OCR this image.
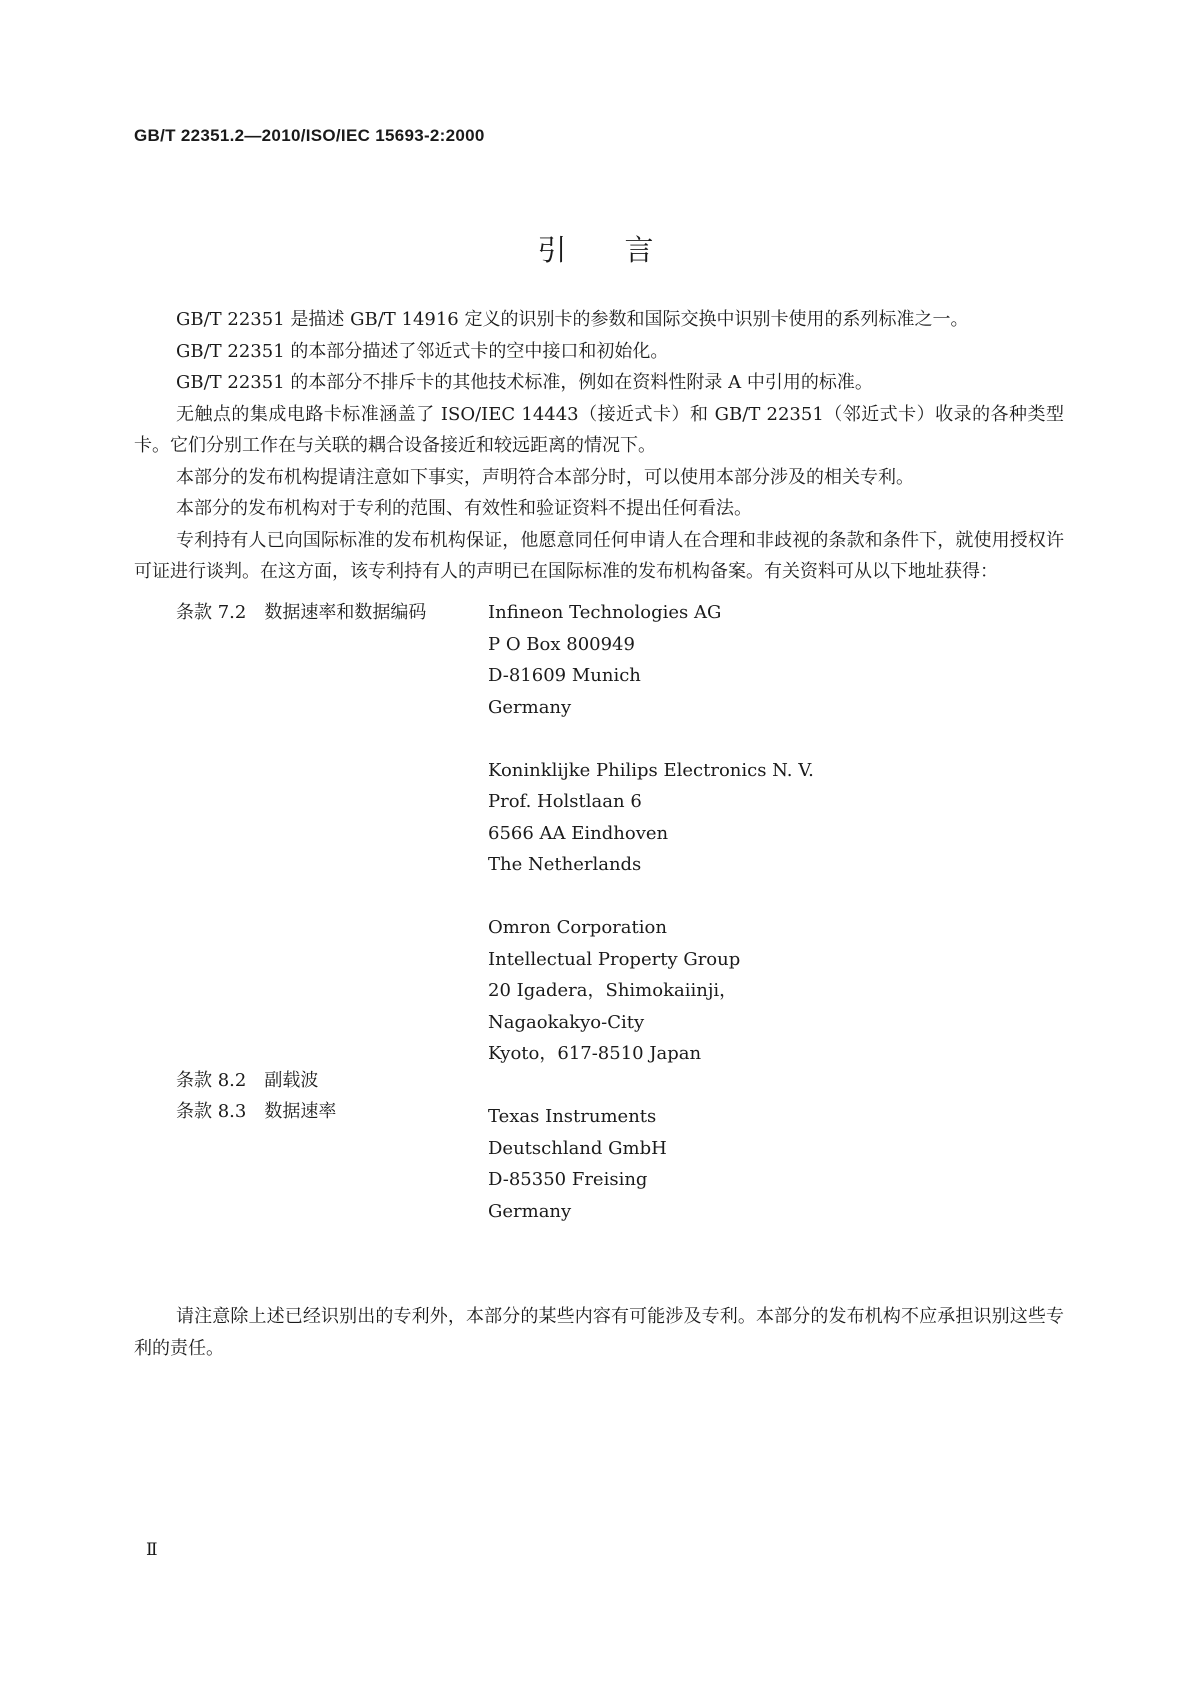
GB/T 22351.2—2010/ISO/IEC 15693-2:2000
引 言

GB/T 22351 是描述 GB/T 14916 定义的识别卡的参数和国际交换中识别卡使用的系列标准之一。

GB/T 22351 的本部分描述了邻近式卡的空中接口和初始化。

GB/T 22351 的本部分不排斥卡的其他技术标准，例如在资料性附录 A 中引用的标准。

无触点的集成电路卡标准涵盖了 ISO/IEC 14443（接近式卡）和 GB/T 22351（邻近式卡）收录的各种类型卡。它们分别工作在与关联的耦合设备接近和较远距离的情况下。

本部分的发布机构提请注意如下事实，声明符合本部分时，可以使用本部分涉及的相关专利。

本部分的发布机构对于专利的范围、有效性和验证资料不提出任何看法。

专利持有人已向国际标准的发布机构保证，他愿意同任何申请人在合理和非歧视的条款和条件下，就使用授权许可证进行谈判。在这方面，该专利持有人的声明已在国际标准的发布机构备案。有关资料可从以下地址获得：

条款 7.2 数据速率和数据编码
条款 8.2 副载波
条款 8.3 数据速率
Infineon Technologies AG
P O Box 800949
D-81609 Munich
Germany
Koninklijke Philips Electronics N. V.
Prof. Holstlaan 6
6566 AA Eindhoven
The Netherlands
Omron Corporation
Intellectual Property Group
20 Igadera，Shimokaiinji，
Nagaokakyo-City
Kyoto，617-8510 Japan
Texas Instruments
Deutschland GmbH
D-85350 Freising
Germany

请注意除上述已经识别出的专利外，本部分的某些内容有可能涉及专利。本部分的发布机构不应承担识别这些专利的责任。

Ⅱ
